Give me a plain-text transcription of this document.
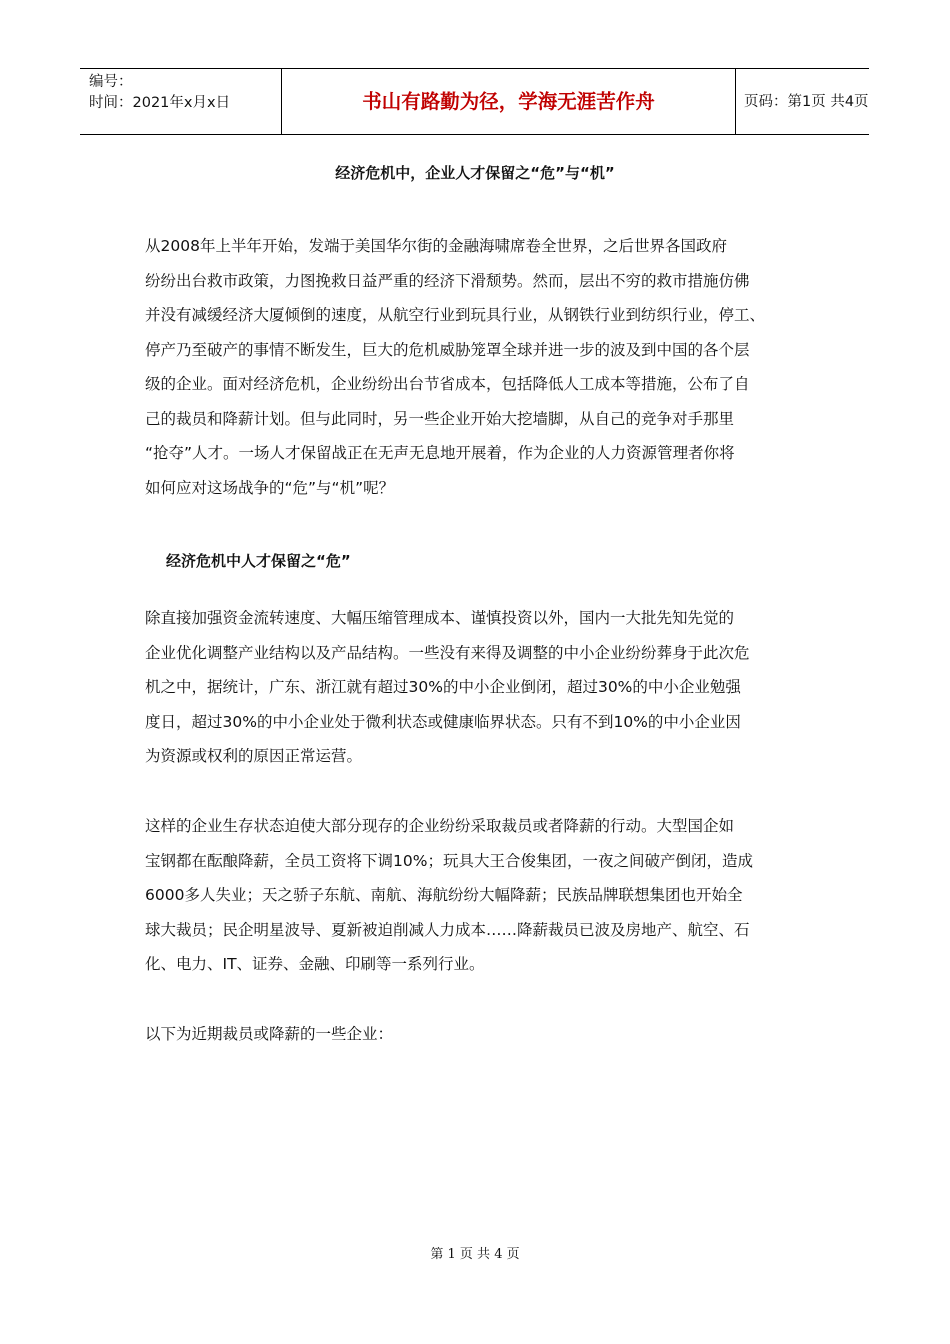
编号：
时间：2021年x月x日	书山有路勤为径，学海无涯苦作舟	页码：第1页 共4页
经济危机中，企业人才保留之“危”与“机”

从2008年上半年开始，发端于美国华尔街的金融海啸席卷全世界，之后世界各国政府
纷纷出台救市政策，力图挽救日益严重的经济下滑颓势。然而，层出不穷的救市措施仿佛
并没有减缓经济大厦倾倒的速度，从航空行业到玩具行业，从钢铁行业到纺织行业，停工、
停产乃至破产的事情不断发生，巨大的危机威胁笼罩全球并进一步的波及到中国的各个层
级的企业。面对经济危机，企业纷纷出台节省成本，包括降低人工成本等措施，公布了自
己的裁员和降薪计划。但与此同时，另一些企业开始大挖墙脚，从自己的竞争对手那里
“抢夺”人才。一场人才保留战正在无声无息地开展着，作为企业的人力资源管理者你将
如何应对这场战争的“危”与“机”呢？

经济危机中人才保留之“危”

除直接加强资金流转速度、大幅压缩管理成本、谨慎投资以外，国内一大批先知先觉的
企业优化调整产业结构以及产品结构。一些没有来得及调整的中小企业纷纷葬身于此次危
机之中，据统计，广东、浙江就有超过30%的中小企业倒闭，超过30%的中小企业勉强
度日，超过30%的中小企业处于微利状态或健康临界状态。只有不到10%的中小企业因
为资源或权利的原因正常运营。

这样的企业生存状态迫使大部分现存的企业纷纷采取裁员或者降薪的行动。大型国企如
宝钢都在酝酿降薪，全员工资将下调10%；玩具大王合俊集团，一夜之间破产倒闭，造成
6000多人失业；天之骄子东航、南航、海航纷纷大幅降薪；民族品牌联想集团也开始全
球大裁员；民企明星波导、夏新被迫削减人力成本……降薪裁员已波及房地产、航空、石
化、电力、IT、证券、金融、印刷等一系列行业。

以下为近期裁员或降薪的一些企业：

第 1 页 共 4 页
